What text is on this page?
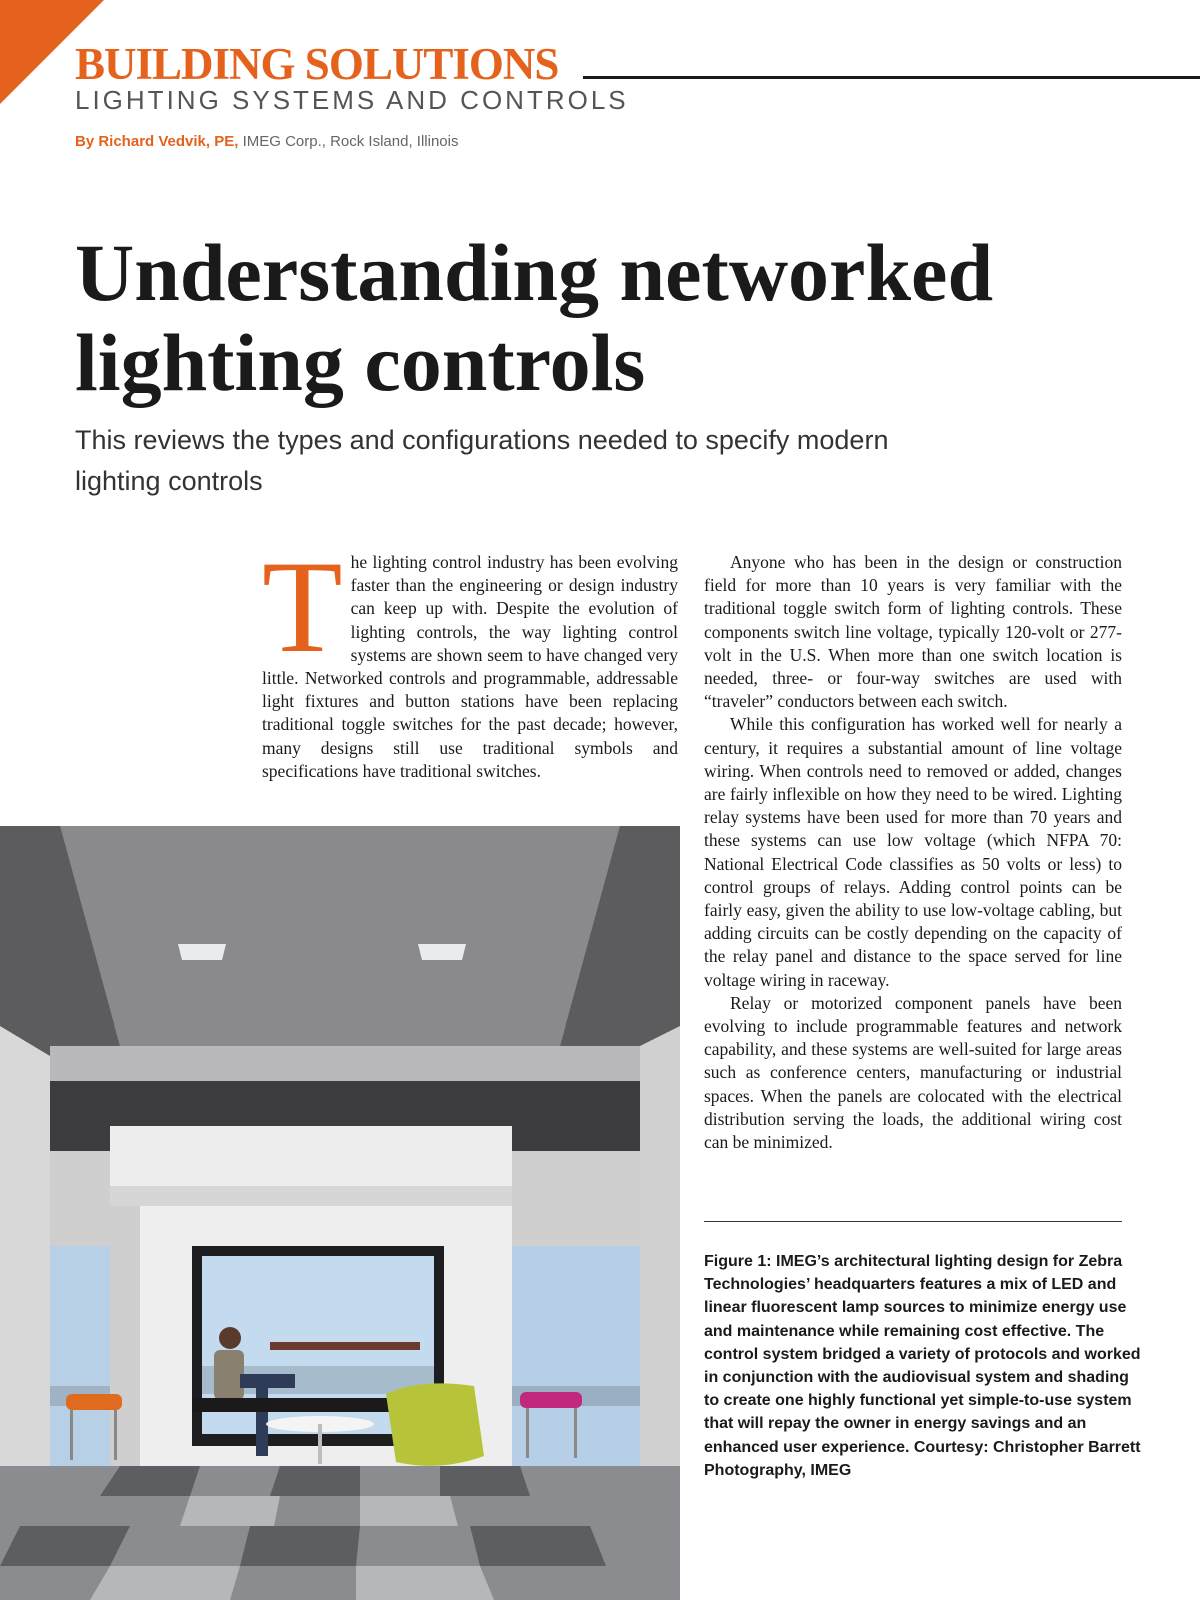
BUILDING SOLUTIONS
LIGHTING SYSTEMS AND CONTROLS
By Richard Vedvik, PE, IMEG Corp., Rock Island, Illinois
Understanding networked lighting controls

This reviews the types and configurations needed to specify modern lighting controls

The lighting control industry has been evolving faster than the engineering or design industry can keep up with. Despite the evolution of lighting controls, the way lighting control systems are shown seem to have changed very little. Networked controls and programmable, addressable light fixtures and button stations have been replacing traditional toggle switches for the past decade; however, many designs still use traditional symbols and specifications have traditional switches.

Anyone who has been in the design or construction field for more than 10 years is very familiar with the traditional toggle switch form of lighting controls. These components switch line voltage, typically 120-volt or 277-volt in the U.S. When more than one switch location is needed, three- or four-way switches are used with “traveler” conductors between each switch.

While this configuration has worked well for nearly a century, it requires a substantial amount of line voltage wiring. When controls need to removed or added, changes are fairly inflexible on how they need to be wired. Lighting relay systems have been used for more than 70 years and these systems can use low voltage (which NFPA 70: National Electrical Code classifies as 50 volts or less) to control groups of relays. Adding control points can be fairly easy, given the ability to use low-voltage cabling, but adding circuits can be costly depending on the capacity of the relay panel and distance to the space served for line voltage wiring in raceway.

Relay or motorized component panels have been evolving to include programmable features and network capability, and these systems are well-suited for large areas such as conference centers, manufacturing or industrial spaces. When the panels are colocated with the electrical distribution serving the loads, the additional wiring cost can be minimized.

Figure 1: IMEG’s architectural lighting design for Zebra Technologies’ headquarters features a mix of LED and linear fluorescent lamp sources to minimize energy use and maintenance while remaining cost effective. The control system bridged a variety of protocols and worked in conjunction with the audiovisual system and shading to create one highly functional yet simple-to-use system that will repay the owner in energy savings and an enhanced user experience. Courtesy: Christopher Barrett Photography, IMEG
